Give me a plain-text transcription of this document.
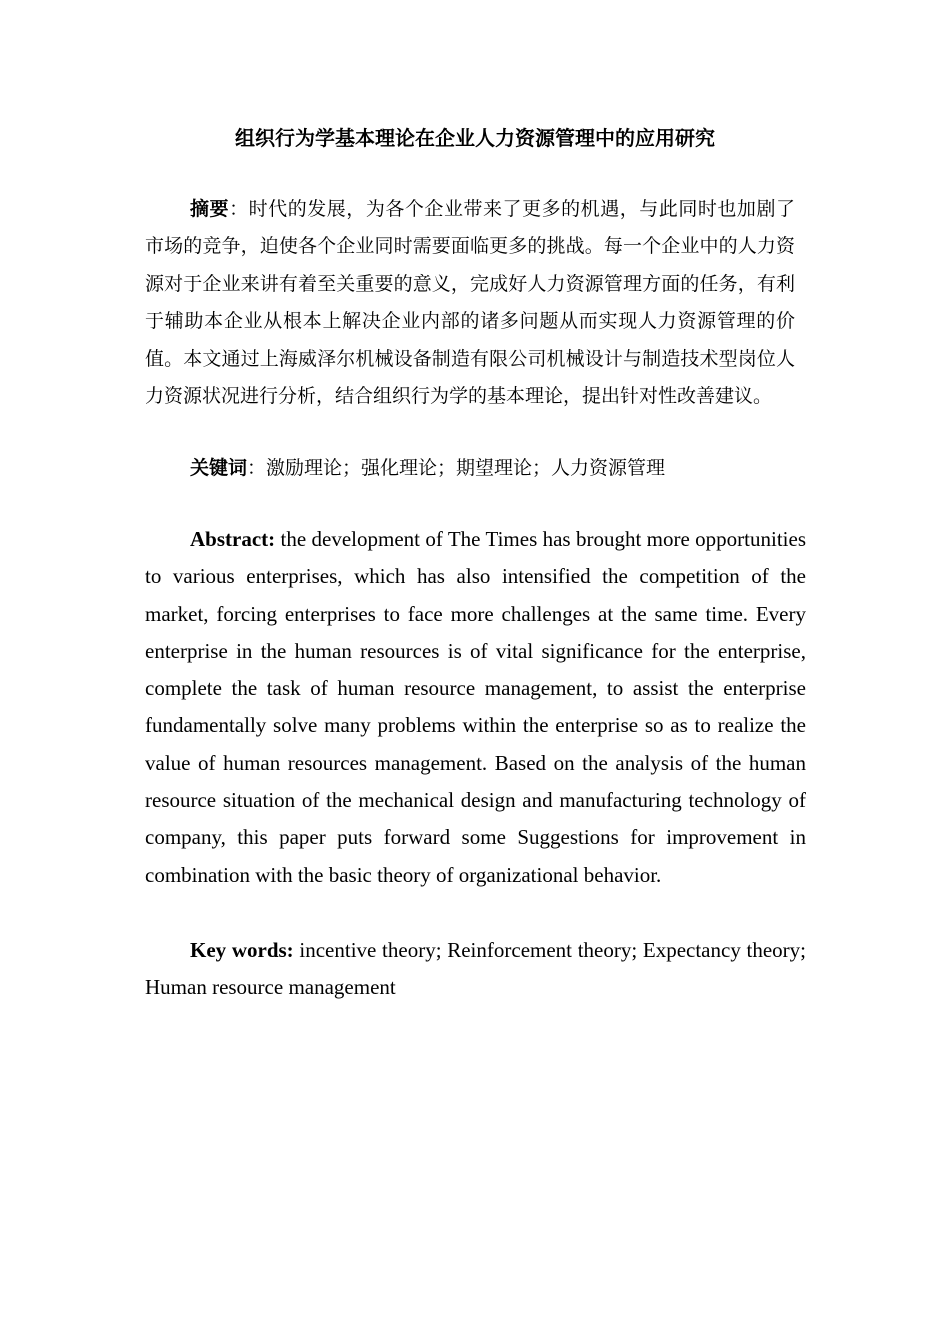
组织行为学基本理论在企业人力资源管理中的应用研究

摘要：时代的发展，为各个企业带来了更多的机遇，与此同时也加剧了市场的竞争，迫使各个企业同时需要面临更多的挑战。每一个企业中的人力资源对于企业来讲有着至关重要的意义，完成好人力资源管理方面的任务，有利于辅助本企业从根本上解决企业内部的诸多问题从而实现人力资源管理的价值。本文通过上海威泽尔机械设备制造有限公司机械设计与制造技术型岗位人力资源状况进行分析，结合组织行为学的基本理论，提出针对性改善建议。

关键词：激励理论；强化理论；期望理论；人力资源管理

Abstract: the development of The Times has brought more opportunities to various enterprises, which has also intensified the competition of the market, forcing enterprises to face more challenges at the same time. Every enterprise in the human resources is of vital significance for the enterprise, complete the task of human resource management, to assist the enterprise fundamentally solve many problems within the enterprise so as to realize the value of human resources management. Based on the analysis of the human resource situation of the mechanical design and manufacturing technology of company, this paper puts forward some Suggestions for improvement in combination with the basic theory of organizational behavior.

Key words: incentive theory; Reinforcement theory; Expectancy theory; Human resource management
